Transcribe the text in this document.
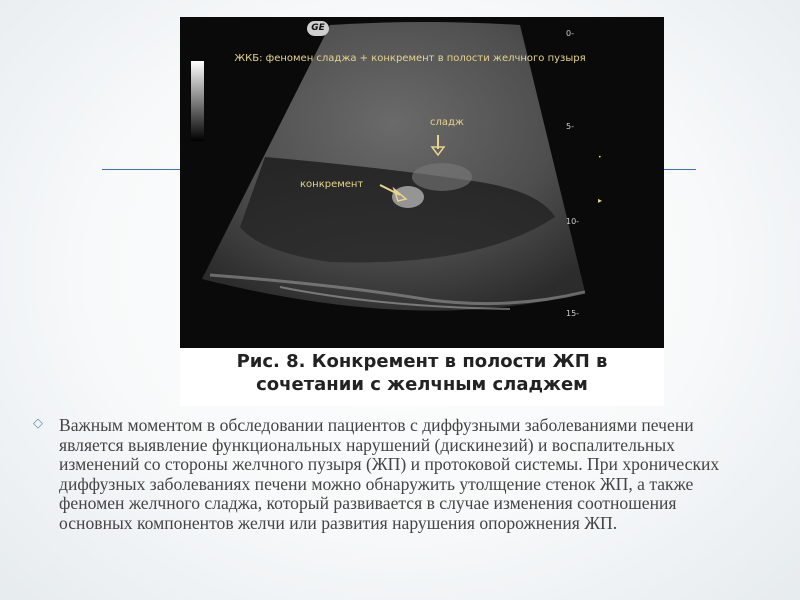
▸
•
GE
ЖКБ: феномен сладжа + конкремент в полости желчного пузыря
0-
5-
10-
15-
сладж
конкремент
Рис. 8. Конкремент в полости ЖП в сочетании с желчным сладжем
◇ Важным моментом в обследовании пациентов с диффузными заболеваниями печени является выявление функциональных нарушений (дискинезий) и воспалительных изменений со стороны желчного пузыря (ЖП) и протоковой системы. При хронических диффузных заболеваниях печени можно обнаружить утолщение стенок ЖП, а также феномен желчного сладжа, который развивается в случае изменения соотношения основных компонентов желчи или развития нарушения опорожнения ЖП.
